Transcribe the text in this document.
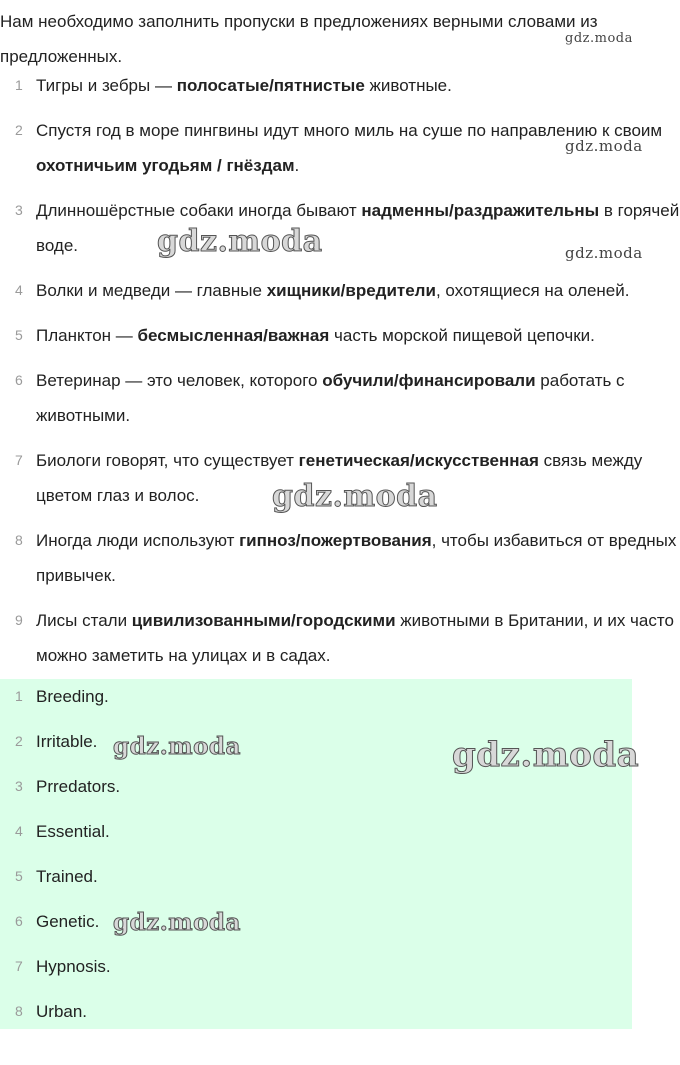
Нам необходимо заполнить пропуски в предложениях верными словами из предложенных.

1 Тигры и зебры — полосатые/пятнистые животные.
2 Спустя год в море пингвины идут много миль на суше по направлению к своим охотничьим угодьям / гнёздам.
3 Длинношёрстные собаки иногда бывают надменны/раздражительны в горячей воде.
4 Волки и медведи — главные хищники/вредители, охотящиеся на оленей.
5 Планктон — бесмысленная/важная часть морской пищевой цепочки.
6 Ветеринар — это человек, которого обучили/финансировали работать с животными.
7 Биологи говорят, что существует генетическая/искусственная связь между цветом глаз и волос.
8 Иногда люди используют гипноз/пожертвования, чтобы избавиться от вредных привычек.
9 Лисы стали цивилизованными/городскими животными в Британии, и их часто можно заметить на улицах и в садах.
1 Breeding.
2 Irritable.
3 Prredators.
4 Essential.
5 Trained.
6 Genetic.
7 Hypnosis.
8 Urban.
gdz.moda
gdz.moda
gdz.moda
gdz.moda
gdz.moda
gdz.moda	gdz.moda
gdz.moda
